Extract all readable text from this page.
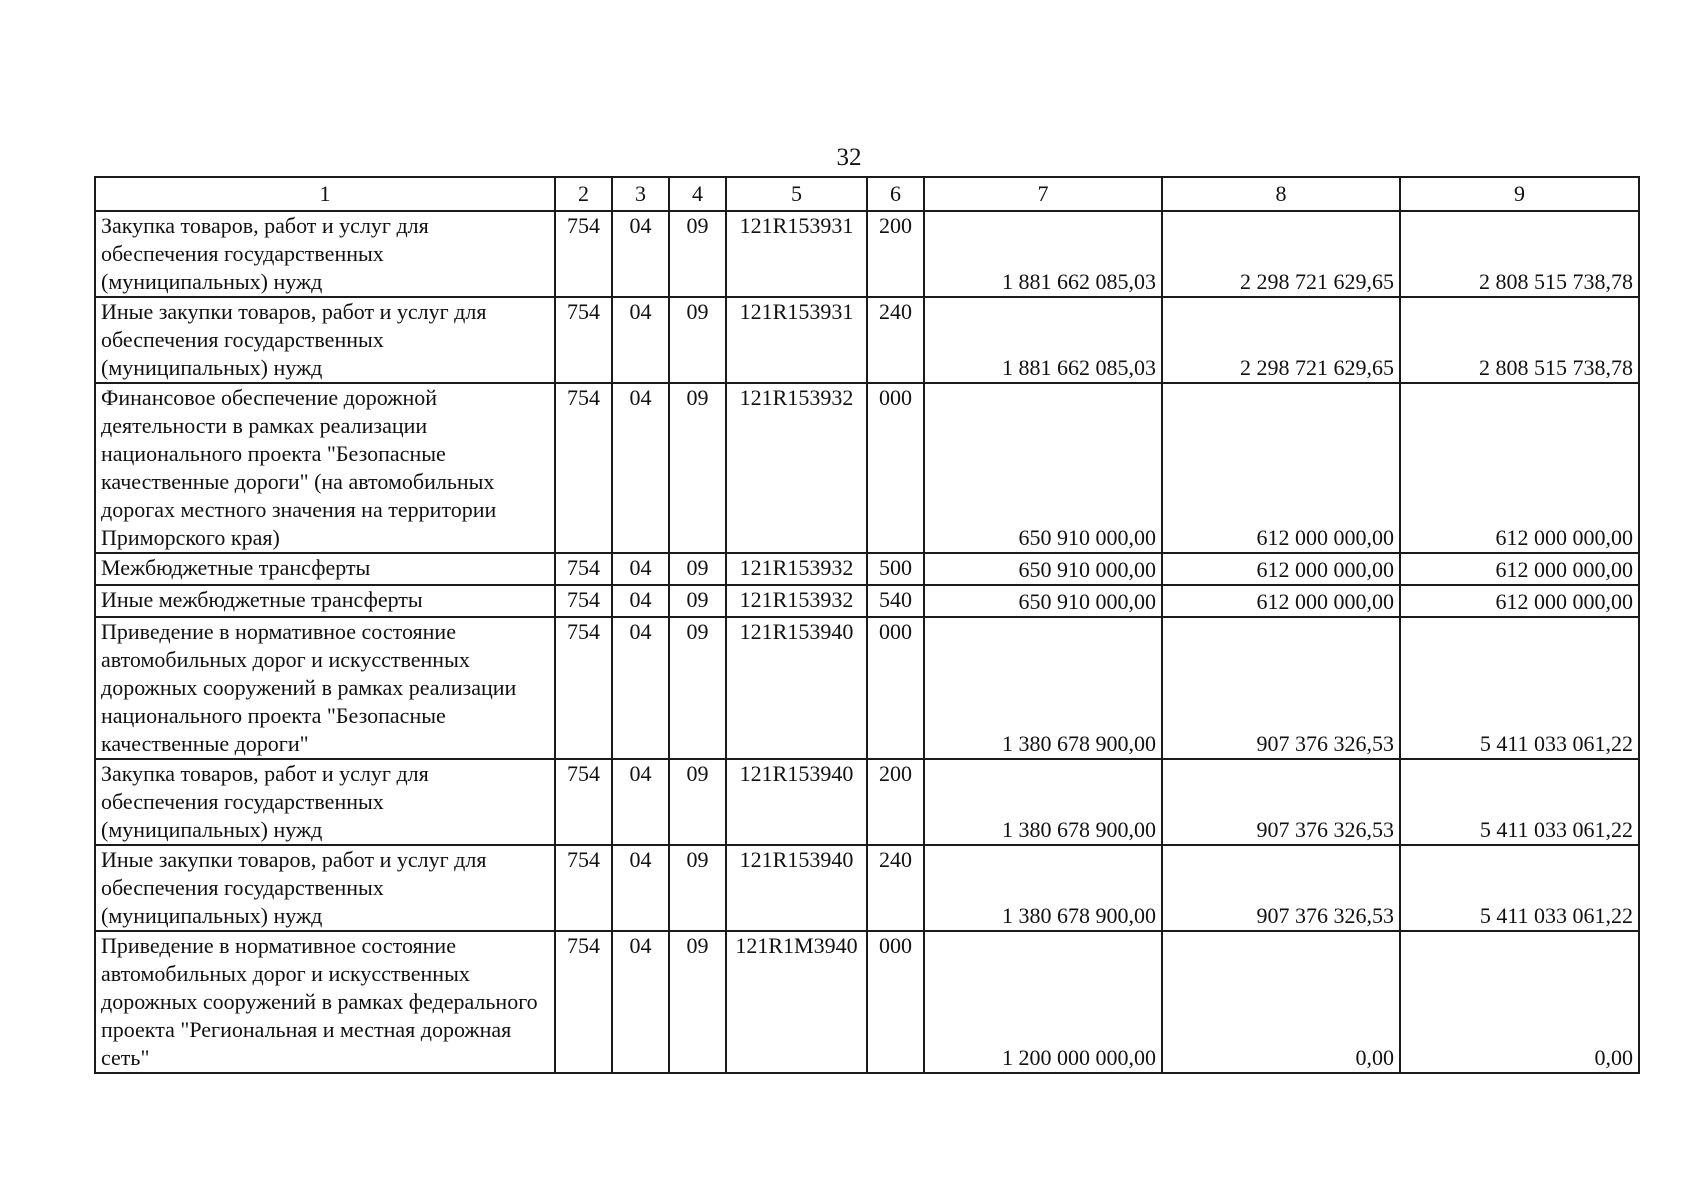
32
1	2	3	4	5	6	7	8	9
Закупка товаров, работ и услуг для обеспечения государственных (муниципальных) нужд	754	04	09	121R153931	200	1 881 662 085,03	2 298 721 629,65	2 808 515 738,78
Иные закупки товаров, работ и услуг для обеспечения государственных (муниципальных) нужд	754	04	09	121R153931	240	1 881 662 085,03	2 298 721 629,65	2 808 515 738,78
Финансовое обеспечение дорожной деятельности в рамках реализации национального проекта "Безопасные качественные дороги" (на автомобильных дорогах местного значения на территории Приморского края)	754	04	09	121R153932	000	650 910 000,00	612 000 000,00	612 000 000,00
Межбюджетные трансферты	754	04	09	121R153932	500	650 910 000,00	612 000 000,00	612 000 000,00
Иные межбюджетные трансферты	754	04	09	121R153932	540	650 910 000,00	612 000 000,00	612 000 000,00
Приведение в нормативное состояние автомобильных дорог и искусственных дорожных сооружений в рамках реализации национального проекта "Безопасные качественные дороги"	754	04	09	121R153940	000	1 380 678 900,00	907 376 326,53	5 411 033 061,22
Закупка товаров, работ и услуг для обеспечения государственных (муниципальных) нужд	754	04	09	121R153940	200	1 380 678 900,00	907 376 326,53	5 411 033 061,22
Иные закупки товаров, работ и услуг для обеспечения государственных (муниципальных) нужд	754	04	09	121R153940	240	1 380 678 900,00	907 376 326,53	5 411 033 061,22
Приведение в нормативное состояние автомобильных дорог и искусственных дорожных сооружений в рамках федерального проекта "Региональная и местная дорожная сеть"	754	04	09	121R1M3940	000	1 200 000 000,00	0,00	0,00
